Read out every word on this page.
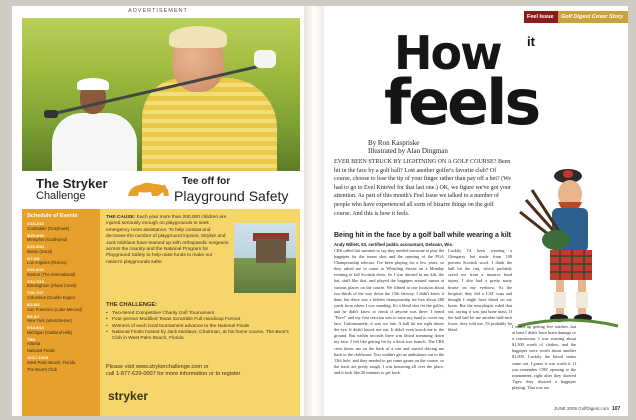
ADVERTISEMENT
The Stryker
Challenge
Tee off for
Playground Safety
Schedule of Events
2/15-2/16
Scottsdale (Grayhawk)
3/29-3/30
Memphis (Southwind)
5/23-5/24
Miami (Doral)
6/7-6/8
Los Angeles (Riviera)
6/21-6/22
Boston (The International)
7/12-7/13
Birmingham (Shoal Creek)
7/26-7/27
Columbus (Double Eagle)
8/2-8/3
San Francisco (Lake Merced)
9/6-9/7
New York (Westchester)
9/13-9/14
Michigan (Oakland Hills)
TBD
Atlanta
National Finals
10/17-10/19
West Palm Beach, Florida
The Bear's Club
THE CAUSE: Each year more than 200,000 children are injured seriously enough on playgrounds to seek emergency room assistance. To help combat and decrease the number of playground injuries, Stryker and Jack Nicklaus have teamed up with orthopaedic surgeons across the country and the National Program for Playground Safety to help raise funds to make our nation's playgrounds safer.
THE CHALLENGE:
• Two-tiered Competitive Charity Golf Tournament
• Four-person Modified Texas Scramble Full Handicap Format
• Winners of each local tournament advance to the National Finals
• National Finals hosted by Jack Nicklaus, Chairman, at his home course, The Bear's Club in West Palm Beach, Florida
Please visit www.strykerchallenge.com or
call 1-877-629-0007 for more information or to register
stryker
Feel Issue	Golf Digest Cover Story
How it
feels
By Ron Kaspriske
Illustrated by Alan Dingman
EVER BEEN STRUCK BY LIGHTNING ON A GOLF COURSE? Been hit in the face by a golf ball? Lost another golfer's favorite club? Of course, choose to lose the tip of your finger rather than pay off a bet? (We had to go to Evel Knievel for that last one.) OK, we figure we've got your attention. As part of this month's Feel Issue we talked to a number of people who have experienced all sorts of bizarre things on the golf course. And this is how it feels.
Being hit in the face by a golf ball while wearing a kilt
Andy Willett, 53, certified public accountant, Delavan, Wis.
CBS called last summer to say they needed someone to play the bagpipes for the teaser shot and the opening of the PGA Championship telecast. I've been playing for a few years, so they asked me to come to Whistling Straits on a Monday evening in full Scottish dress. So I was dressed in my kilt, the hat, stuff like that, and played the bagpipes around sunset at various places on the course. We filmed at one location about two-thirds of the way down the 13th fairway. I didn't know it then, but there was a hidden championship tee box about 280 yards from where I was standing. It's a blind shot for the golfer, and he didn't know to check if anyone was there. I heard "Fore!" and my first reaction was to raise my hand to cover my face. Unfortunately, it was too late. A ball hit me right above the eye. It didn't knock me out. It didn't even knock me to the ground. But within seconds there was blood streaming down my face. I felt like getting hit by a thick tree branch. The CBS crew threw me on the back of a cart and started driving me back to the clubhouse. You couldn't get an ambulance out to the 13th hole, and they needed to get some gauze on the course, so the track are pretty rough. I was bouncing all over the place, and it took like 20 minutes to get back.
Luckily I'd been wearing a Glengarry hat made from 100 percent Scottish wool. I think the ball hit the rim, which probably saved me from a massive head injury. I also had a pretty nasty bruise on my eyebrow. At the hospital, they did a CAT scan and thought I might have blood on my brain. But the neurologist ruled that out, saying it was just bone mass. If the ball had hit me another half-inch lower, they told me, I'd probably be blind.
I ended up getting five stitches, but at least I didn't have brain damage or a concussion. I was wearing about $1,500 worth of clothes, and the bagpipes were worth about another $1,000. Luckily the blood stains came out. I guess it was worth it. If you remember CBS' opening to the tournament, right after they showed Tiger, they showed a bagpiper playing. That was me.
JUNE 2005 GolfDigest.com 107
